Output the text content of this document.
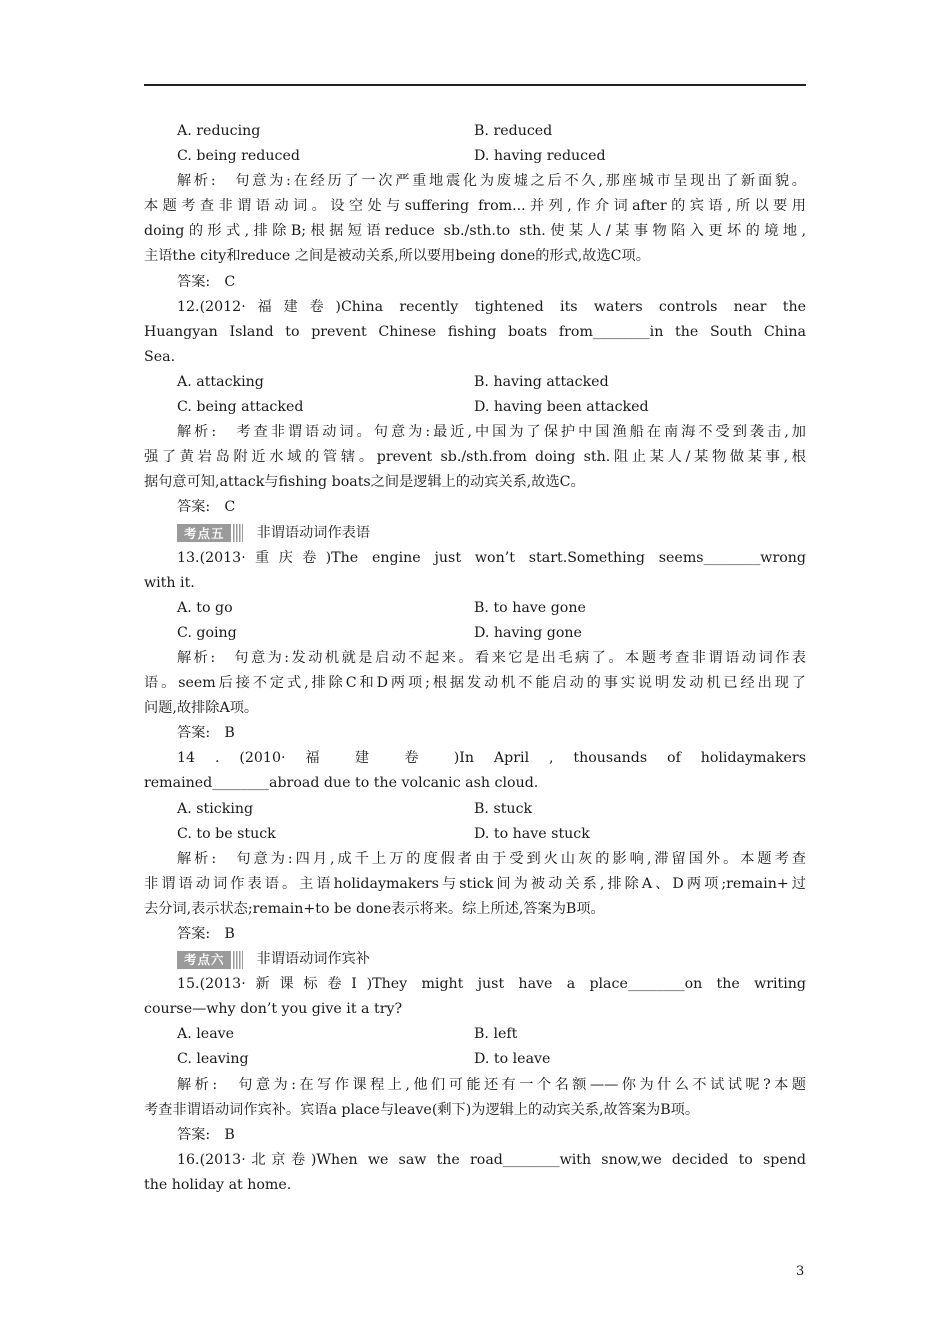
A. reducing	B. reduced
C. being reduced	D. having reduced
解析:　句意为:在经历了一次严重地震化为废墟之后不久,那座城市呈现出了新面貌。
本题考查非谓语动词。设空处与suffering from...并列,作介词after的宾语,所以要用
doing的形式,排除B;根据短语reduce sb./sth.to sth.使某人/某事物陷入更坏的境地,
主语the city和reduce 之间是被动关系,所以要用being done的形式,故选C项。
答案:　C
12.(2012·福建卷)China recently tightened its waters controls near the
Huangyan Island to prevent Chinese fishing boats from________in the South China
Sea.
A. attacking	B. having attacked
C. being attacked	D. having been attacked
解析:　考查非谓语动词。句意为:最近,中国为了保护中国渔船在南海不受到袭击,加
强了黄岩岛附近水域的管辖。prevent sb./sth.from doing sth.阻止某人/某物做某事,根
据句意可知,attack与fishing boats之间是逻辑上的动宾关系,故选C。
答案:　C
考点五	非谓语动词作表语
13.(2013·重庆卷)The engine just won’t start.Something seems________wrong
with it.
A. to go	B. to have gone
C. going	D. having gone
解析:　句意为:发动机就是启动不起来。看来它是出毛病了。本题考查非谓语动词作表
语。seem后接不定式,排除C和D两项;根据发动机不能启动的事实说明发动机已经出现了
问题,故排除A项。
答案:　B
14 . (2010· 福 建 卷 )In April , thousands of holidaymakers
remained________abroad due to the volcanic ash cloud.
A. sticking	B. stuck
C. to be stuck	D. to have stuck
解析:　句意为:四月,成千上万的度假者由于受到火山灰的影响,滞留国外。本题考查
非谓语动词作表语。主语holidaymakers与stick间为被动关系,排除A、D两项;remain+过
去分词,表示状态;remain+to be done表示将来。综上所述,答案为B项。
答案:　B
考点六	非谓语动词作宾补
15.(2013·新课标卷Ⅰ)They might just have a place________on the writing
course—why don’t you give it a try?
A. leave	B. left
C. leaving	D. to leave
解析:　句意为:在写作课程上,他们可能还有一个名额——你为什么不试试呢?本题
考查非谓语动词作宾补。宾语a place与leave(剩下)为逻辑上的动宾关系,故答案为B项。
答案:　B
16.(2013·北京卷)When we saw the road________with snow,we decided to spend
the holiday at home.
3
